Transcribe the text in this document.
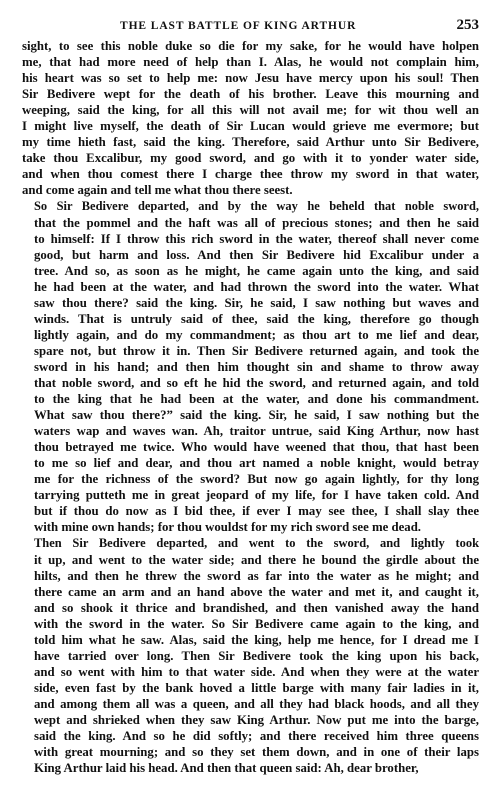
THE LAST BATTLE OF KING ARTHUR	253

sight, to see this noble duke so die for my sake, for he would have holpen
me, that had more need of help than I. Alas, he would not complain him,
his heart was so set to help me: now Jesu have mercy upon his soul! Then
Sir Bedivere wept for the death of his brother. Leave this mourning and
weeping, said the king, for all this will not avail me; for wit thou well an
I might live myself, the death of Sir Lucan would grieve me evermore; but
my time hieth fast, said the king. Therefore, said Arthur unto Sir Bedivere,
take thou Excalibur, my good sword, and go with it to yonder water side,
and when thou comest there I charge thee throw my sword in that water,
and come again and tell me what thou there seest.

So Sir Bedivere departed, and by the way he beheld that noble sword,
that the pommel and the haft was all of precious stones; and then he said
to himself: If I throw this rich sword in the water, thereof shall never come
good, but harm and loss. And then Sir Bedivere hid Excalibur under a
tree. And so, as soon as he might, he came again unto the king, and said
he had been at the water, and had thrown the sword into the water. What
saw thou there? said the king. Sir, he said, I saw nothing but waves and
winds. That is untruly said of thee, said the king, therefore go though
lightly again, and do my commandment; as thou art to me lief and dear,
spare not, but throw it in. Then Sir Bedivere returned again, and took the
sword in his hand; and then him thought sin and shame to throw away
that noble sword, and so eft he hid the sword, and returned again, and told
to the king that he had been at the water, and done his commandment.
What saw thou there?” said the king. Sir, he said, I saw nothing but the
waters wap and waves wan. Ah, traitor untrue, said King Arthur, now hast
thou betrayed me twice. Who would have weened that thou, that hast been
to me so lief and dear, and thou art named a noble knight, would betray
me for the richness of the sword? But now go again lightly, for thy long
tarrying putteth me in great jeopard of my life, for I have taken cold. And
but if thou do now as I bid thee, if ever I may see thee, I shall slay thee
with mine own hands; for thou wouldst for my rich sword see me dead.

Then Sir Bedivere departed, and went to the sword, and lightly took
it up, and went to the water side; and there he bound the girdle about the
hilts, and then he threw the sword as far into the water as he might; and
there came an arm and an hand above the water and met it, and caught it,
and so shook it thrice and brandished, and then vanished away the hand
with the sword in the water. So Sir Bedivere came again to the king, and
told him what he saw. Alas, said the king, help me hence, for I dread me I
have tarried over long. Then Sir Bedivere took the king upon his back,
and so went with him to that water side. And when they were at the water
side, even fast by the bank hoved a little barge with many fair ladies in it,
and among them all was a queen, and all they had black hoods, and all they
wept and shrieked when they saw King Arthur. Now put me into the barge,
said the king. And so he did softly; and there received him three queens
with great mourning; and so they set them down, and in one of their laps
King Arthur laid his head. And then that queen said: Ah, dear brother,
